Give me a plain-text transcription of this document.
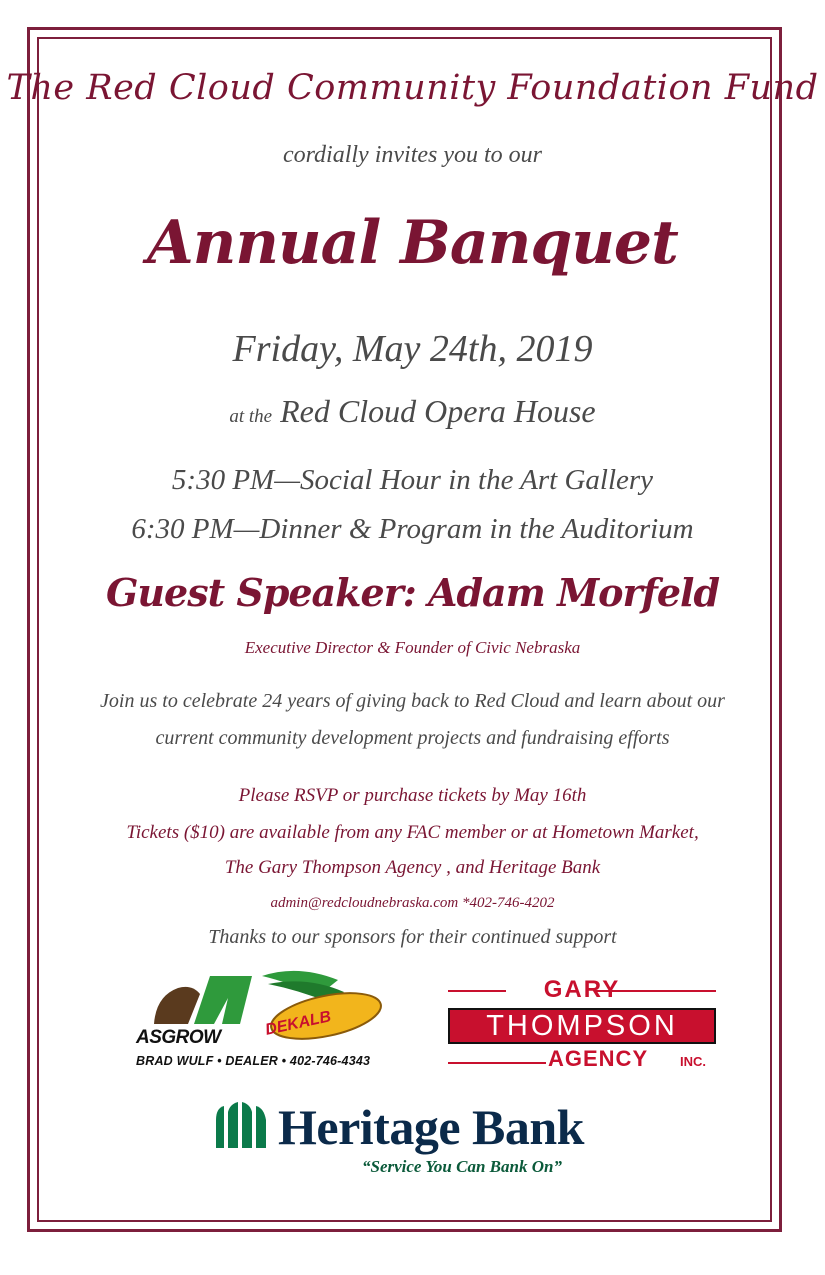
The Red Cloud Community Foundation Fund
cordially invites you to our
Annual Banquet
Friday, May 24th, 2019
at the Red Cloud Opera House
5:30 PM—Social Hour in the Art Gallery
6:30 PM—Dinner & Program in the Auditorium
Guest Speaker: Adam Morfeld
Executive Director & Founder of Civic Nebraska
Join us to celebrate 24 years of giving back to Red Cloud and learn about our
current community development projects and fundraising efforts
Please RSVP or purchase tickets by May 16th
Tickets ($10) are available from any FAC member or at Hometown Market,
The Gary Thompson Agency , and Heritage Bank
admin@redcloudnebraska.com *402-746-4202
Thanks to our sponsors for their continued support
DEKALB
ASGROW
BRAD WULF • DEALER • 402-746-4343
GARY
THOMPSON
AGENCY INC.
Heritage Bank
“Service You Can Bank On”
